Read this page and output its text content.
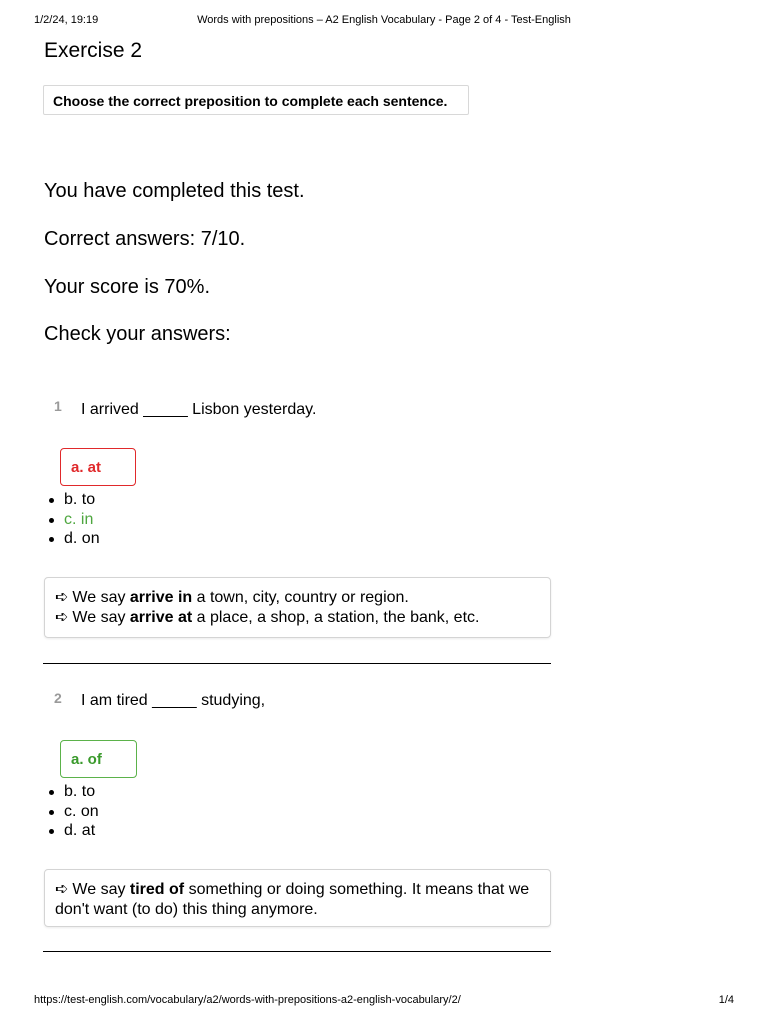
1/2/24, 19:19	Words with prepositions – A2 English Vocabulary - Page 2 of 4 - Test-English
Exercise 2
Choose the correct preposition to complete each sentence.
You have completed this test.
Correct answers: 7/10.
Your score is 70%.
Check your answers:
1 I arrived _____ Lisbon yesterday.
a. at
b. to
c. in
d. on
➪ We say arrive in a town, city, country or region.
➪ We say arrive at a place, a shop, a station, the bank, etc.
2 I am tired _____ studying,
a. of
b. to
c. on
d. at
➪ We say tired of something or doing something. It means that we don't want (to do) this thing anymore.
https://test-english.com/vocabulary/a2/words-with-prepositions-a2-english-vocabulary/2/	1/4
